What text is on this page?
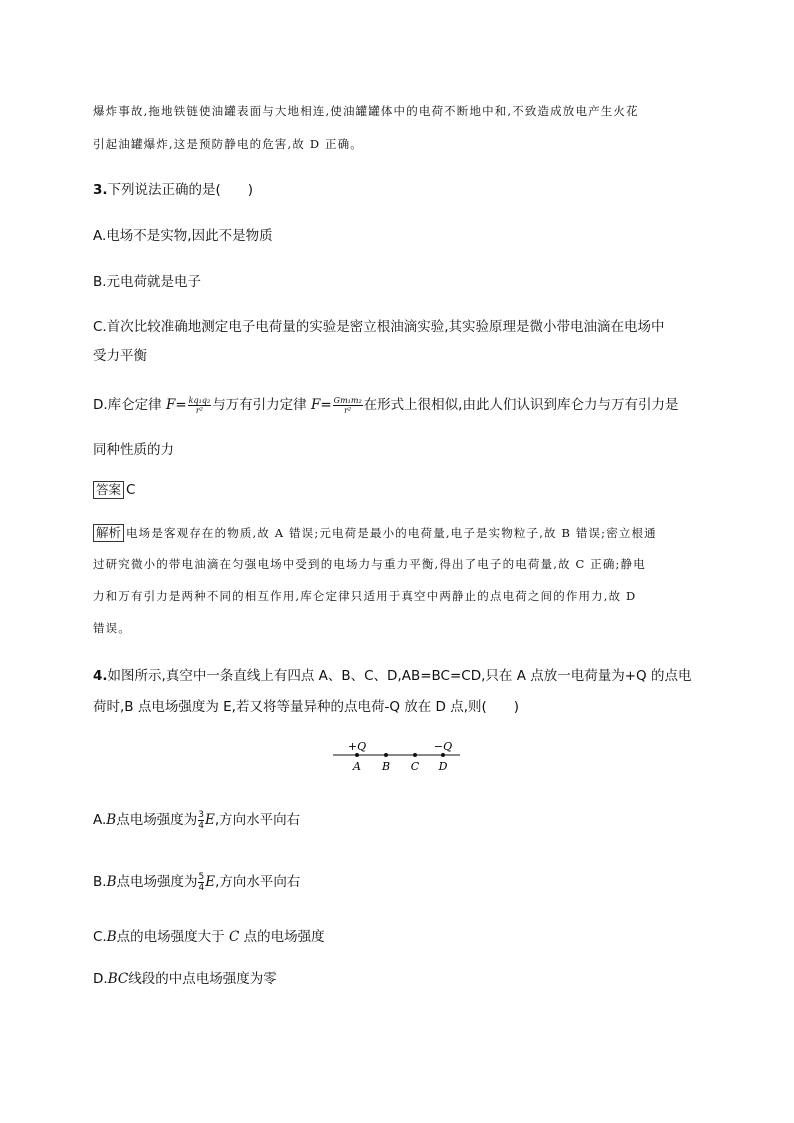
爆炸事故,拖地铁链使油罐表面与大地相连,使油罐罐体中的电荷不断地中和,不致造成放电产生火花
引起油罐爆炸,这是预防静电的危害,故 D 正确。
3.下列说法正确的是(　　)
A.电场不是实物,因此不是物质
B.元电荷就是电子
C.首次比较准确地测定电子电荷量的实验是密立根油滴实验,其实验原理是微小带电油滴在电场中
受力平衡
D.库仑定律 $F= \frac{\text{kq₁q₂}}{\text{r²}}$ 与万有引力定律 $F= \frac{\text{Gm₁m₂}}{\text{r²}}$ 在形式上很相似,由此人们认识到库仑力与万有引力是
同种性质的力
答案 C
解析 电场是客观存在的物质,故 A 错误;元电荷是最小的电荷量,电子是实物粒子,故 B 错误;密立根通
过研究微小的带电油滴在匀强电场中受到的电场力与重力平衡,得出了电子的电荷量,故 C 正确;静电
力和万有引力是两种不同的相互作用,库仑定律只适用于真空中两静止的点电荷之间的作用力,故 D
错误。
4.如图所示,真空中一条直线上有四点 A、B、C、D,AB=BC=CD,只在 A 点放一电荷量为+Q 的点电
荷时,B 点电场强度为 E,若又将等量异种的点电荷-Q 放在 D 点,则(　　)
+Q	−Q
A B C D
A.B点电场强度为 $\frac{3}{4} E$,方向水平向右
B.B点电场强度为 $\frac{5}{4} E$,方向水平向右
C.B点的电场强度大于 C 点的电场强度
D.BC线段的中点电场强度为零
